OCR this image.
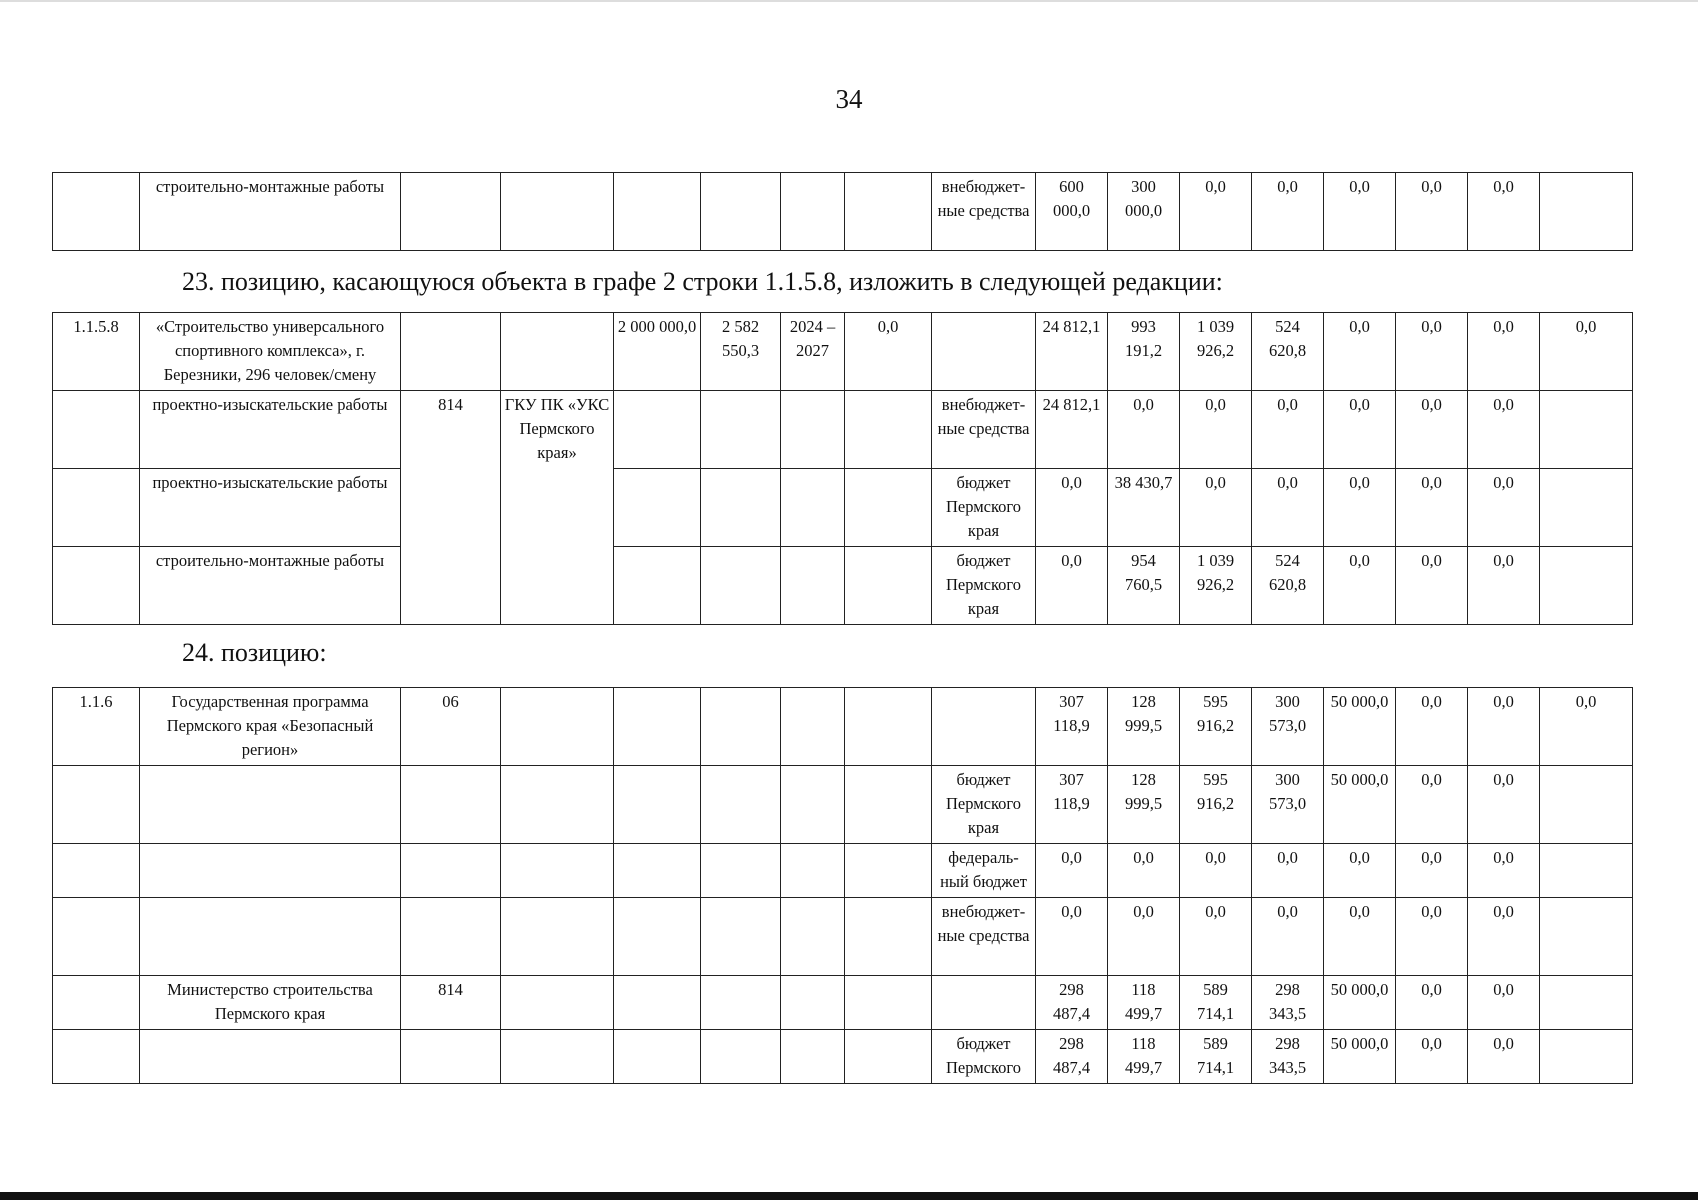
34
	строительно-монтажные работы							внебюджет-ные средства	600 000,0	300 000,0	0,0	0,0	0,0	0,0	0,0	
23. позицию, касающуюся объекта в графе 2 строки 1.1.5.8, изложить в следующей редакции:
1.1.5.8	«Строительство универсального спортивного комплекса», г. Березники, 296 человек/смену			2 000 000,0	2 582 550,3	2024 – 2027	0,0		24 812,1	993 191,2	1 039 926,2	524 620,8	0,0	0,0	0,0	0,0
	проектно-изыскательские работы	814	ГКУ ПК «УКС Пермского края»					внебюджет-ные средства	24 812,1	0,0	0,0	0,0	0,0	0,0	0,0	
	проектно-изыскательские работы							бюджет Пермского края	0,0	38 430,7	0,0	0,0	0,0	0,0	0,0	
	строительно-монтажные работы							бюджет Пермского края	0,0	954 760,5	1 039 926,2	524 620,8	0,0	0,0	0,0	
24. позицию:
1.1.6	Государственная программа Пермского края «Безопасный регион»	06							307 118,9	128 999,5	595 916,2	300 573,0	50 000,0	0,0	0,0	0,0
								бюджет Пермского края	307 118,9	128 999,5	595 916,2	300 573,0	50 000,0	0,0	0,0	
								федераль-ный бюджет	0,0	0,0	0,0	0,0	0,0	0,0	0,0	
								внебюджет-ные средства	0,0	0,0	0,0	0,0	0,0	0,0	0,0	
	Министерство строительства Пермского края	814							298 487,4	118 499,7	589 714,1	298 343,5	50 000,0	0,0	0,0	
								бюджет Пермского	298 487,4	118 499,7	589 714,1	298 343,5	50 000,0	0,0	0,0	
